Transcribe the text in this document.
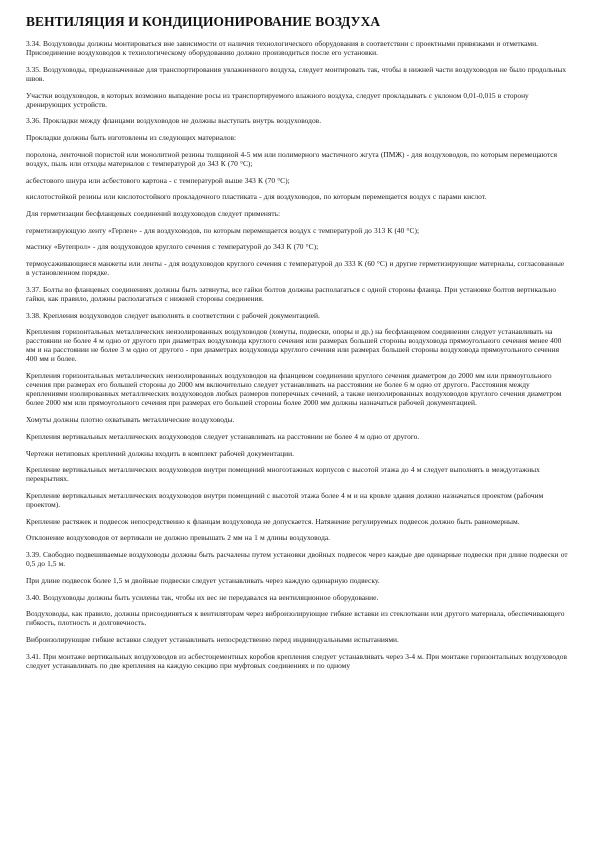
ВЕНТИЛЯЦИЯ И КОНДИЦИОНИРОВАНИЕ ВОЗДУХА

3.34. Воздуховоды должны монтироваться вне зависимости от наличия технологического оборудования в соответствии с проектными привязками и отметками. Присоединение воздуховодов к технологическому оборудованию должно производиться после его установки.

3.35. Воздуховоды, предназначенные для транспортирования увлажненного воздуха, следует монтировать так, чтобы в нижней части воздуховодов не было продольных швов.

Участки воздуховодов, в которых возможно выпадение росы из транспортируемого влажного воздуха, следует прокладывать с уклоном 0,01-0,015 в сторону дренирующих устройств.

3.36. Прокладки между фланцами воздуховодов не должны выступать внутрь воздуховодов.

Прокладки должны быть изготовлены из следующих материалов:

поролона, ленточной пористой или монолитной резины толщиной 4-5 мм или полимерного мастичного жгута (ПМЖ) - для воздуховодов, по которым перемещаются воздух, пыль или отходы материалов с температурой до 343 К (70 °С);

асбестового шнура или асбестового картона - с температурой выше 343 К (70 °С);

кислотостойкой резины или кислотостойкого прокладочного пластиката - для воздуховодов, по которым перемещается воздух с парами кислот.

Для герметизации бесфланцевых соединений воздуховодов следует применять:

герметизирующую ленту «Герлен» - для воздуховодов, по которым перемещается воздух с температурой до 313 К (40 °С);

мастику «Бутепрол» - для воздуховодов круглого сечения с температурой до 343 К (70 °С);

термоусаживающиеся манжеты или ленты - для воздуховодов круглого сечения с температурой до 333 К (60 °С) и другие герметизирующие материалы, согласованные в установленном порядке.

3.37. Болты во фланцевых соединениях должны быть затянуты, все гайки болтов должны располагаться с одной стороны фланца. При установке болтов вертикально гайки, как правило, должны располагаться с нижней стороны соединения.

3.38. Крепления воздуховодов следует выполнять в соответствии с рабочей документацией.

Крепления горизонтальных металлических неизолированных воздуховодов (хомуты, подвески, опоры и др.) на бесфланцевом соединении следует устанавливать на расстоянии не более 4 м одно от другого при диаметрах воздуховода круглого сечения или размерах большей стороны воздуховода прямоугольного сечения менее 400 мм и на расстоянии не более 3 м одно от другого - при диаметрах воздуховода круглого сечения или размерах большей стороны воздуховода прямоугольного сечения 400 мм и более.

Крепления горизонтальных металлических неизолированных воздуховодов на фланцевом соединении круглого сечения диаметром до 2000 мм или прямоугольного сечения при размерах его большей стороны до 2000 мм включительно следует устанавливать на расстоянии не более 6 м одно от другого. Расстояния между креплениями изолированных металлических воздуховодов любых размеров поперечных сечений, а также неизолированных воздуховодов круглого сечения диаметром более 2000 мм или прямоугольного сечения при размерах его большей стороны более 2000 мм должны назначаться рабочей документацией.

Хомуты должны плотно охватывать металлические воздуховоды.

Крепления вертикальных металлических воздуховодов следует устанавливать на расстоянии не более 4 м одно от другого.

Чертежи нетиповых креплений должны входить в комплект рабочей документации.

Крепление вертикальных металлических воздуховодов внутри помещений многоэтажных корпусов с высотой этажа до 4 м следует выполнять в междуэтажных перекрытиях.

Крепление вертикальных металлических воздуховодов внутри помещений с высотой этажа более 4 м и на кровле здания должно назначаться проектом (рабочим проектом).

Крепление растяжек и подвесок непосредственно к фланцам воздуховода не допускается. Натяжение регулируемых подвесок должно быть равномерным.

Отклонение воздуховодов от вертикали не должно превышать 2 мм на 1 м длины воздуховода.

3.39. Свободно подвешиваемые воздуховоды должны быть расчалены путем установки двойных подвесок через каждые две одинарные подвески при длине подвески от 0,5 до 1,5 м.

При длине подвесок более 1,5 м двойные подвески следует устанавливать через каждую одинарную подвеску.

3.40. Воздуховоды должны быть усилены так, чтобы их вес не передавался на вентиляционное оборудование.

Воздуховоды, как правило, должны присоединяться к вентиляторам через виброизолирующие гибкие вставки из стеклоткани или другого материала, обеспечивающего гибкость, плотность и долговечность.

Виброизолирующие гибкие вставки следует устанавливать непосредственно перед индивидуальными испытаниями.

3.41. При монтаже вертикальных воздуховодов из асбестоцементных коробов крепления следует устанавливать через 3-4 м. При монтаже горизонтальных воздуховодов следует устанавливать по две крепления на каждую секцию при муфтовых соединениях и по одному
